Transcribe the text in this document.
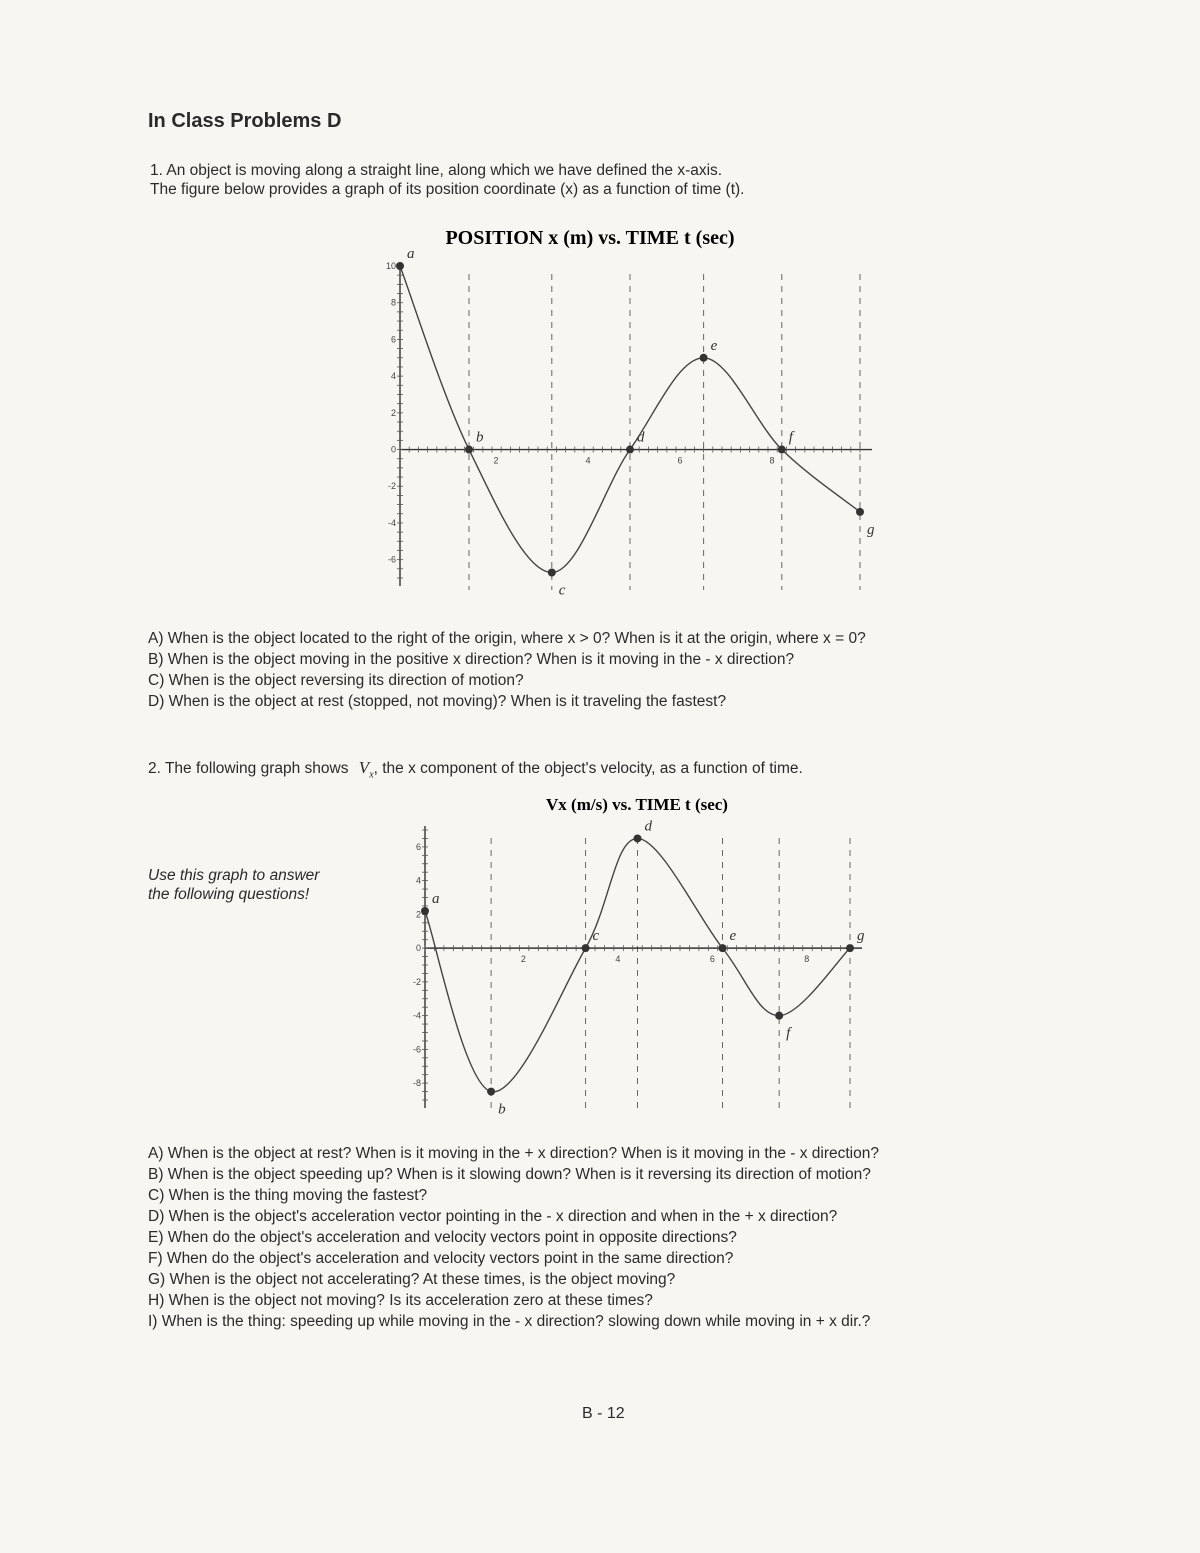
In Class Problems D
1. An object is moving along a straight line, along which we have defined the x-axis.
The figure below provides a graph of its position coordinate (x) as a function of time (t).
POSITION x (m) vs. TIME t (sec)
10
8
6
4
2
0
-2
-4
-6
2	4	6	8
a
b
c
d
e
f
g
A) When is the object located to the right of the origin, where x > 0? When is it at the origin, where x = 0?
B) When is the object moving in the positive x direction? When is it moving in the - x direction?
C) When is the object reversing its direction of motion?
D) When is the object at rest (stopped, not moving)? When is it traveling the fastest?
2. The following graph shows $V_x$, the x component of the object's velocity, as a function of time.
Use this graph to answer the following questions!
Vx (m/s) vs. TIME t (sec)
6
4
2
0
-2
-4
-6
-8
2	4	6	8
a
b
c
d
e
f
g
A) When is the object at rest? When is it moving in the + x direction? When is it moving in the - x direction?
B) When is the object speeding up? When is it slowing down? When is it reversing its direction of motion?
C) When is the thing moving the fastest?
D) When is the object's acceleration vector pointing in the - x direction and when in the + x direction?
E) When do the object's acceleration and velocity vectors point in opposite directions?
F) When do the object's acceleration and velocity vectors point in the same direction?
G) When is the object not accelerating? At these times, is the object moving?
H) When is the object not moving? Is its acceleration zero at these times?
I) When is the thing: speeding up while moving in the - x direction? slowing down while moving in + x dir.?
B - 12
